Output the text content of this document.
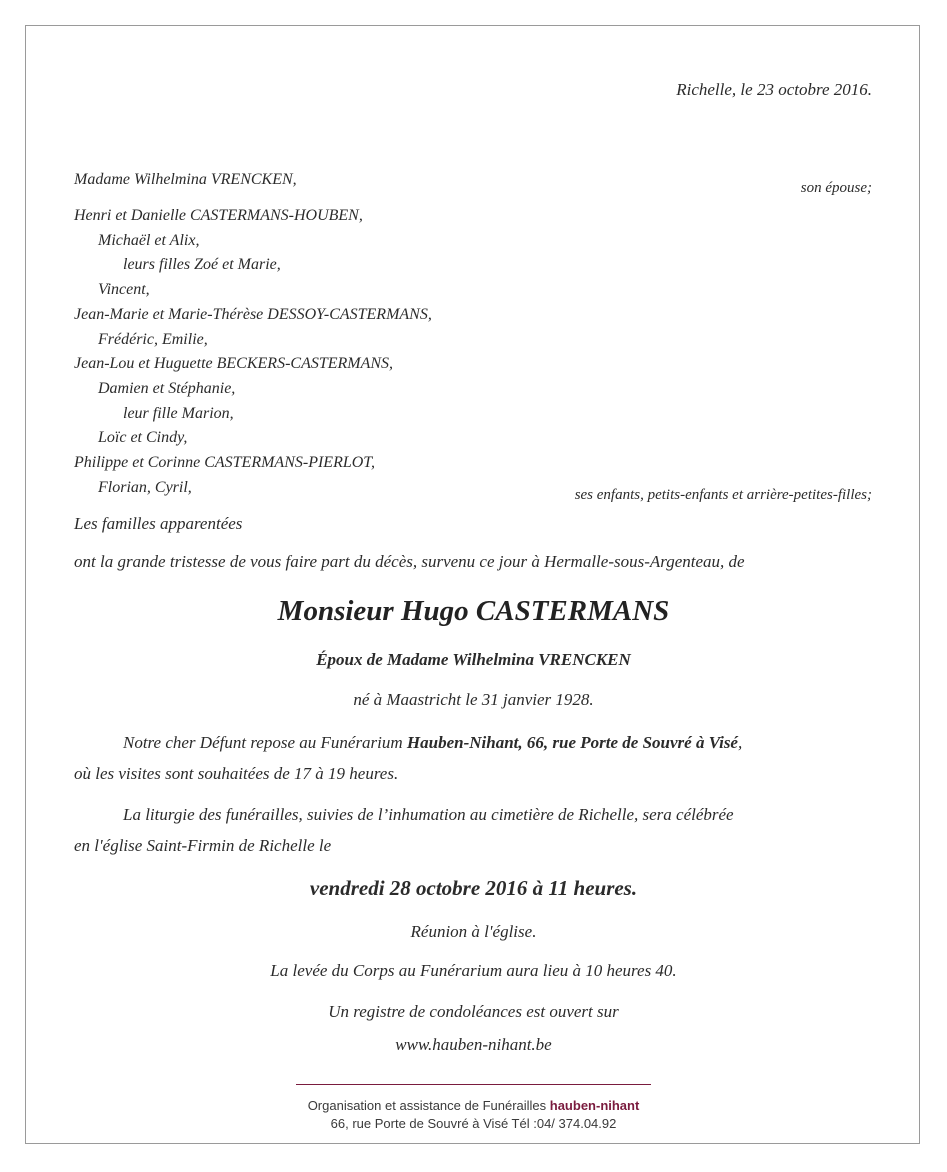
Richelle, le 23 octobre 2016.
Madame Wilhelmina VRENCKEN,	son épouse;
Henri et Danielle CASTERMANS-HOUBEN,
Michaël et Alix,
leurs filles Zoé et Marie,
Vincent,
Jean-Marie et Marie-Thérèse DESSOY-CASTERMANS,
Frédéric, Emilie,
Jean-Lou et Huguette BECKERS-CASTERMANS,
Damien et Stéphanie,
leur fille Marion,
Loïc et Cindy,
Philippe et Corinne CASTERMANS-PIERLOT,
Florian, Cyril,	ses enfants, petits-enfants et arrière-petites-filles;
Les familles apparentées
ont la grande tristesse de vous faire part du décès, survenu ce jour à Hermalle-sous-Argenteau, de
Monsieur Hugo CASTERMANS
Époux de Madame Wilhelmina VRENCKEN
né à Maastricht le 31 janvier 1928.
Notre cher Défunt repose au Funérarium Hauben-Nihant, 66, rue Porte de Souvré à Visé,
où les visites sont souhaitées de 17 à 19 heures.
La liturgie des funérailles, suivies de l’inhumation au cimetière de Richelle, sera célébrée
en l'église Saint-Firmin de Richelle le
vendredi 28 octobre 2016 à 11 heures.
Réunion à l'église.
La levée du Corps au Funérarium aura lieu à 10 heures 40.
Un registre de condoléances est ouvert sur
www.hauben-nihant.be
Organisation et assistance de Funérailles hauben-nihant
66, rue Porte de Souvré à Visé Tél :04/ 374.04.92
